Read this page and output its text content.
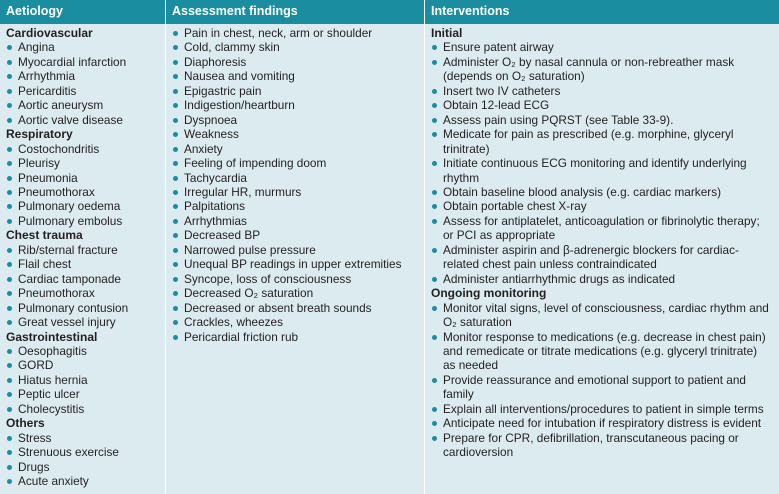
Aetiology	Assessment findings	Interventions
Cardiovascular
Angina
Myocardial infarction
Arrhythmia
Pericarditis
Aortic aneurysm
Aortic valve disease
Respiratory
Costochondritis
Pleurisy
Pneumonia
Pneumothorax
Pulmonary oedema
Pulmonary embolus
Chest trauma
Rib/sternal fracture
Flail chest
Cardiac tamponade
Pneumothorax
Pulmonary contusion
Great vessel injury
Gastrointestinal
Oesophagitis
GORD
Hiatus hernia
Peptic ulcer
Cholecystitis
Others
Stress
Strenuous exercise
Drugs
Acute anxiety
Pain in chest, neck, arm or shoulder
Cold, clammy skin
Diaphoresis
Nausea and vomiting
Epigastric pain
Indigestion/heartburn
Dyspnoea
Weakness
Anxiety
Feeling of impending doom
Tachycardia
Irregular HR, murmurs
Palpitations
Arrhythmias
Decreased BP
Narrowed pulse pressure
Unequal BP readings in upper extremities
Syncope, loss of consciousness
Decreased O₂ saturation
Decreased or absent breath sounds
Crackles, wheezes
Pericardial friction rub
Initial
Ensure patent airway
Administer O₂ by nasal cannula or non-rebreather mask (depends on O₂ saturation)
Insert two IV catheters
Obtain 12-lead ECG
Assess pain using PQRST (see Table 33-9).
Medicate for pain as prescribed (e.g. morphine, glyceryl trinitrate)
Initiate continuous ECG monitoring and identify underlying rhythm
Obtain baseline blood analysis (e.g. cardiac markers)
Obtain portable chest X-ray
Assess for antiplatelet, anticoagulation or fibrinolytic therapy; or PCI as appropriate
Administer aspirin and β-adrenergic blockers for cardiac-related chest pain unless contraindicated
Administer antiarrhythmic drugs as indicated
Ongoing monitoring
Monitor vital signs, level of consciousness, cardiac rhythm and O₂ saturation
Monitor response to medications (e.g. decrease in chest pain) and remedicate or titrate medications (e.g. glyceryl trinitrate) as needed
Provide reassurance and emotional support to patient and family
Explain all interventions/procedures to patient in simple terms
Anticipate need for intubation if respiratory distress is evident
Prepare for CPR, defibrillation, transcutaneous pacing or cardioversion
